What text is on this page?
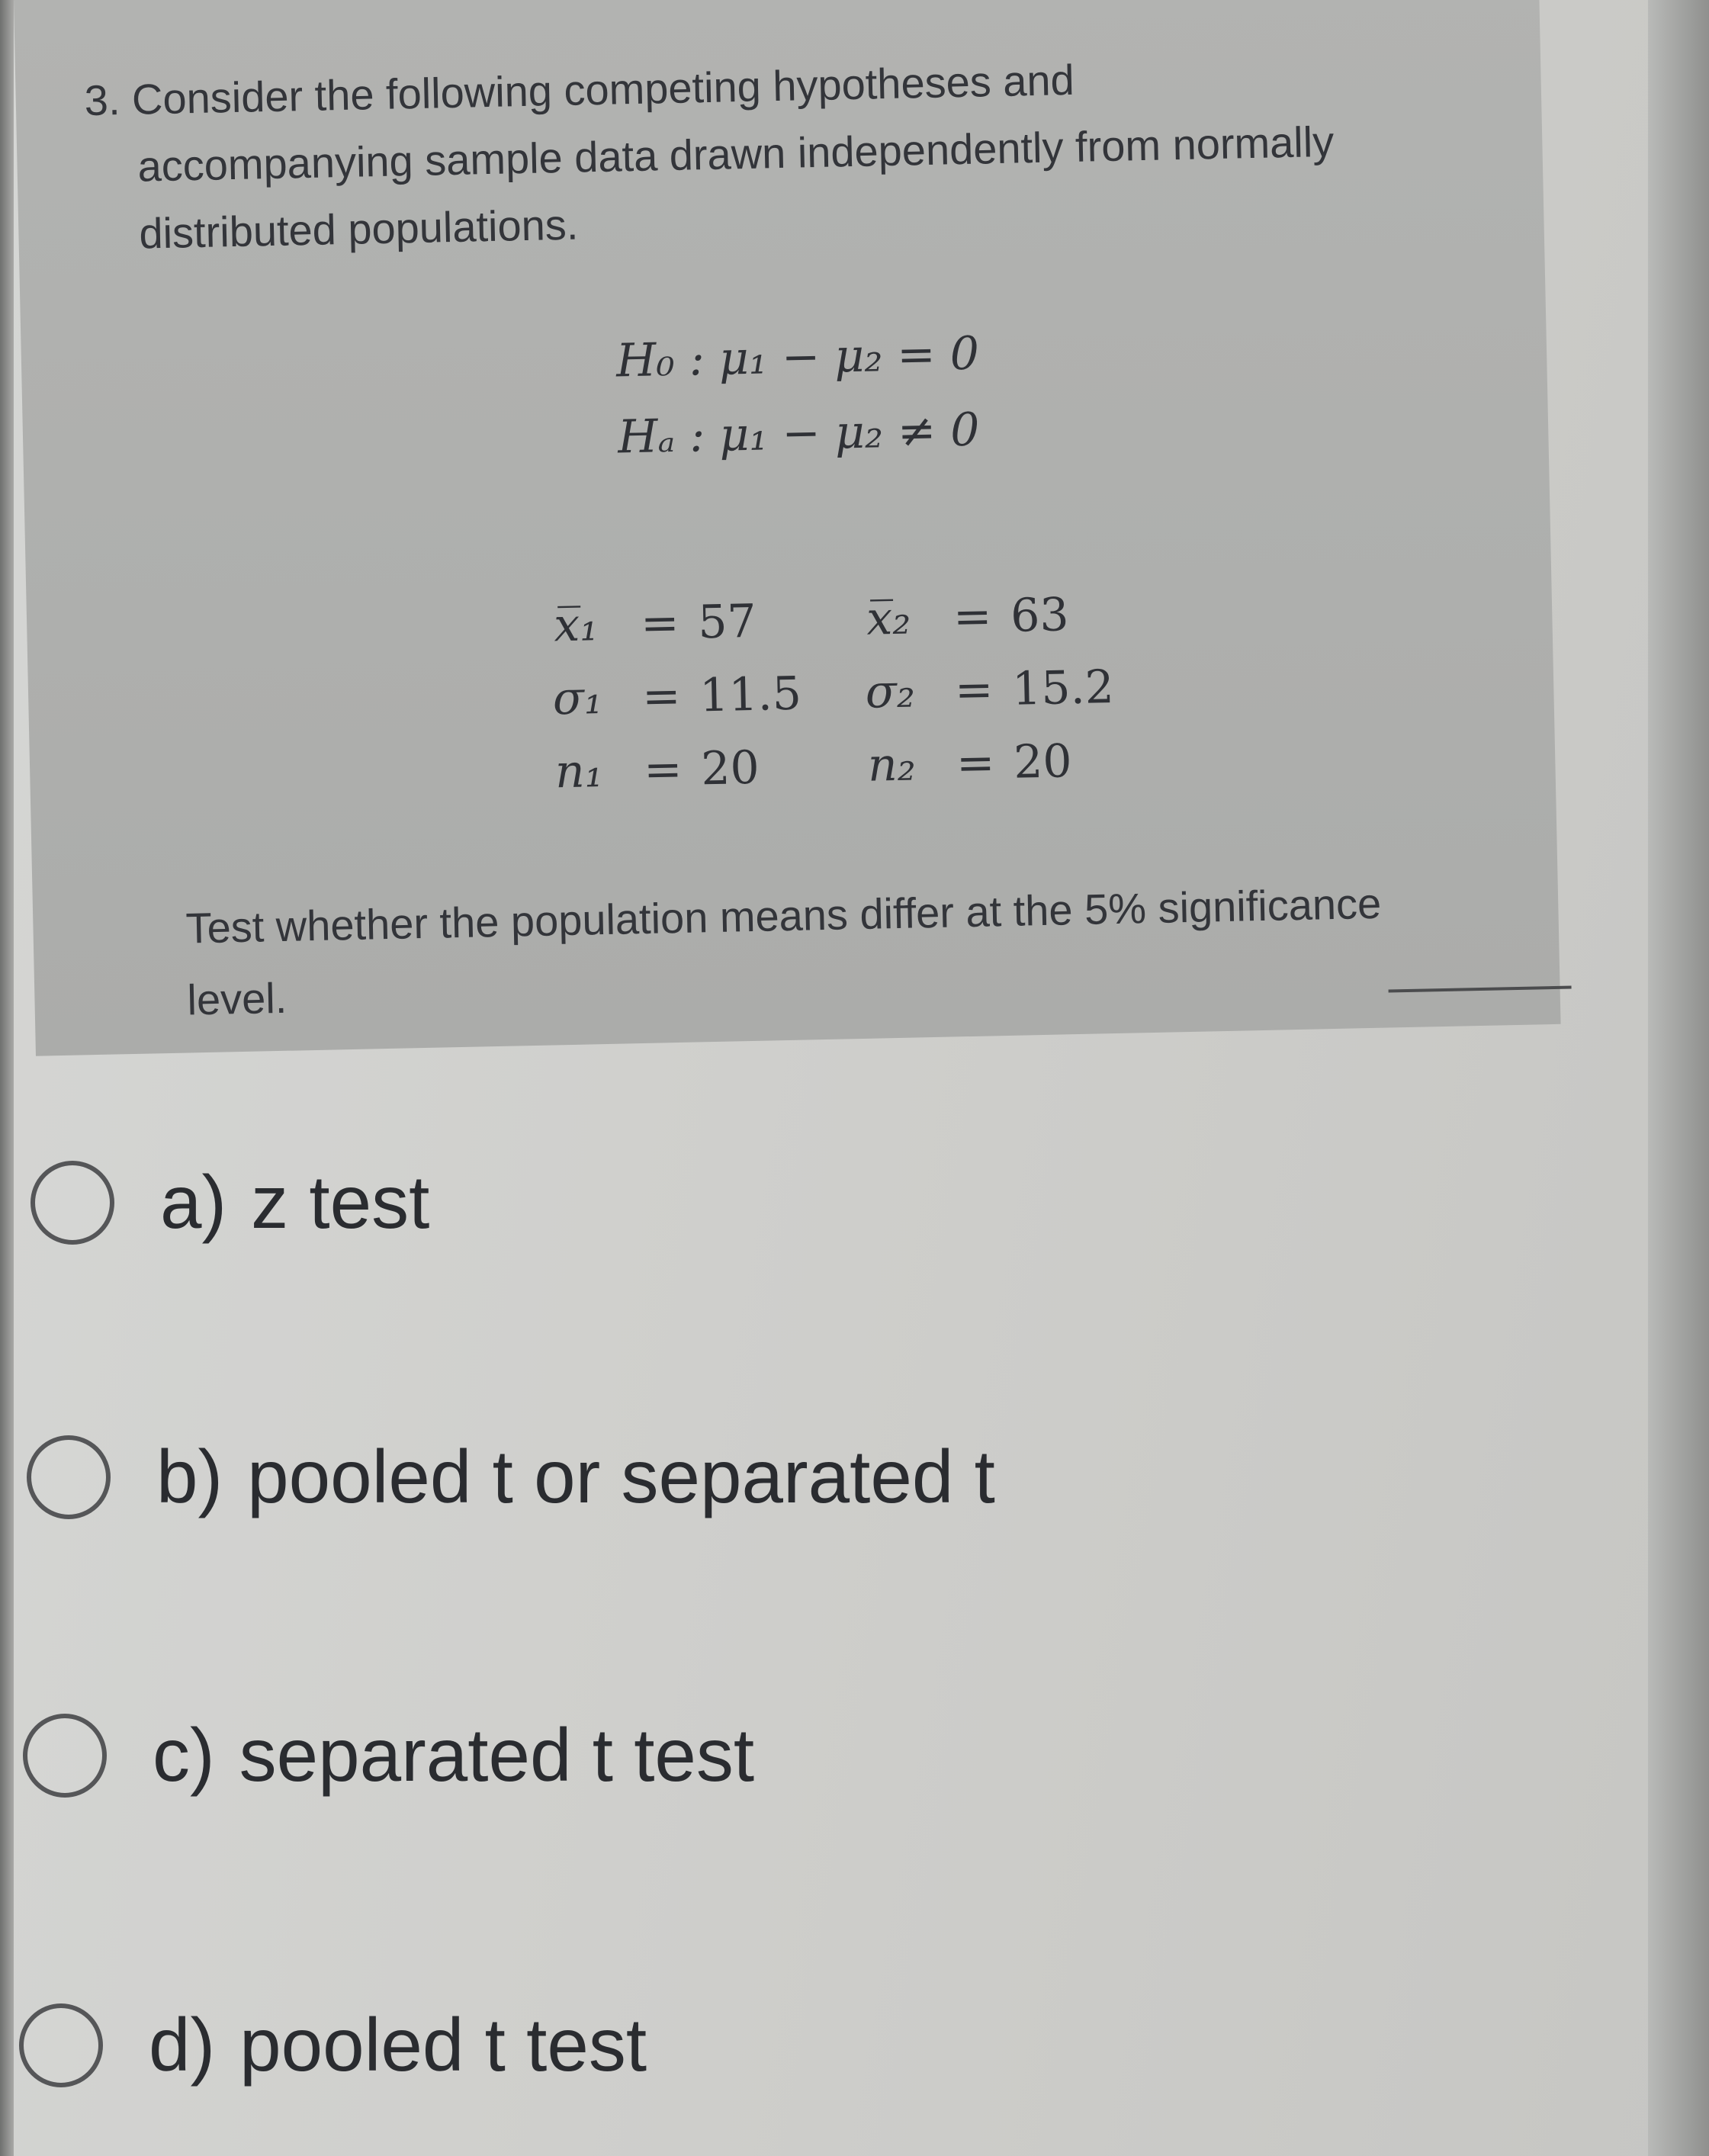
3. Consider the following competing hypotheses and
accompanying sample data drawn independently from normally
distributed populations.
H₀ : μ₁ − μ₂ = 0
Hₐ : μ₁ − μ₂ ≠ 0
x̅₁ = 57	x̅₂ = 63
σ₁ = 11.5	σ₂ = 15.2
n₁ = 20	n₂ = 20
Test whether the population means differ at the 5% significance
level.
a) z test
b) pooled t or separated t
c) separated t test
d) pooled t test
